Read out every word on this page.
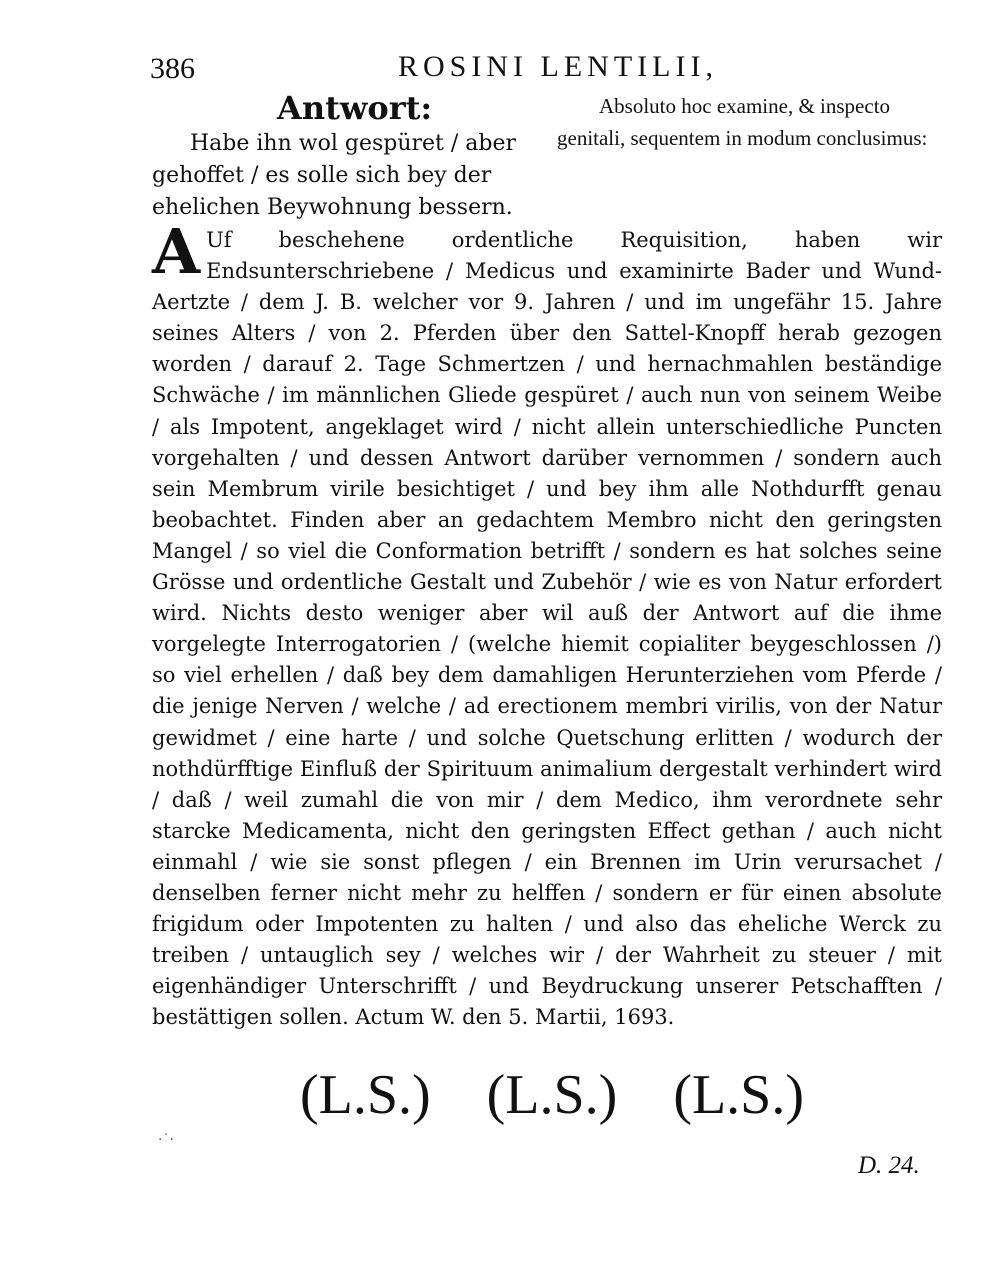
386	ROSINI LENTILII,
Antwort:

Habe ihn wol gespüret / aber gehoffet / es solle sich bey der ehelichen Beywohnung bessern.

Absoluto hoc examine, & inspecto genitali, sequentem in modum conclusimus:

A Uf beschehene ordentliche Requisition, haben wir Endsunterschriebene / Medicus und examinirte Bader und Wund-Aertzte / dem J. B. welcher vor 9. Jahren / und im ungefähr 15. Jahre seines Alters / von 2. Pferden über den Sattel-Knopff herab gezogen worden / darauf 2. Tage Schmertzen / und hernachmahlen beständige Schwäche / im männlichen Gliede gespüret / auch nun von seinem Weibe / als Impotent, angeklaget wird / nicht allein unterschiedliche Puncten vorgehalten / und dessen Antwort darüber vernommen / sondern auch sein Membrum virile besichtiget / und bey ihm alle Nothdurfft genau beobachtet. Finden aber an gedachtem Membro nicht den geringsten Mangel / so viel die Conformation betrifft / sondern es hat solches seine Grösse und ordentliche Gestalt und Zubehör / wie es von Natur erfordert wird. Nichts desto weniger aber wil auß der Antwort auf die ihme vorgelegte Interrogatorien / (welche hiemit copialiter beygeschlossen /) so viel erhellen / daß bey dem damahligen Herunterziehen vom Pferde / die jenige Nerven / welche / ad erectionem membri virilis, von der Natur gewidmet / eine harte / und solche Quetschung erlitten / wodurch der nothdürfftige Einfluß der Spirituum animalium dergestalt verhindert wird / daß / weil zumahl die von mir / dem Medico, ihm verordnete sehr starcke Medicamenta, nicht den geringsten Effect gethan / auch nicht einmahl / wie sie sonst pflegen / ein Brennen im Urin verursachet / denselben ferner nicht mehr zu helffen / sondern er für einen absolute frigidum oder Impotenten zu halten / und also das eheliche Werck zu treiben / untauglich sey / welches wir / der Wahrheit zu steuer / mit eigenhändiger Unterschrifft / und Beydruckung unserer Petschafften / bestättigen sollen. Actum W. den 5. Martii, 1693.

(L.S.) (L.S.) (L.S.)
·˙·
D. 24.
